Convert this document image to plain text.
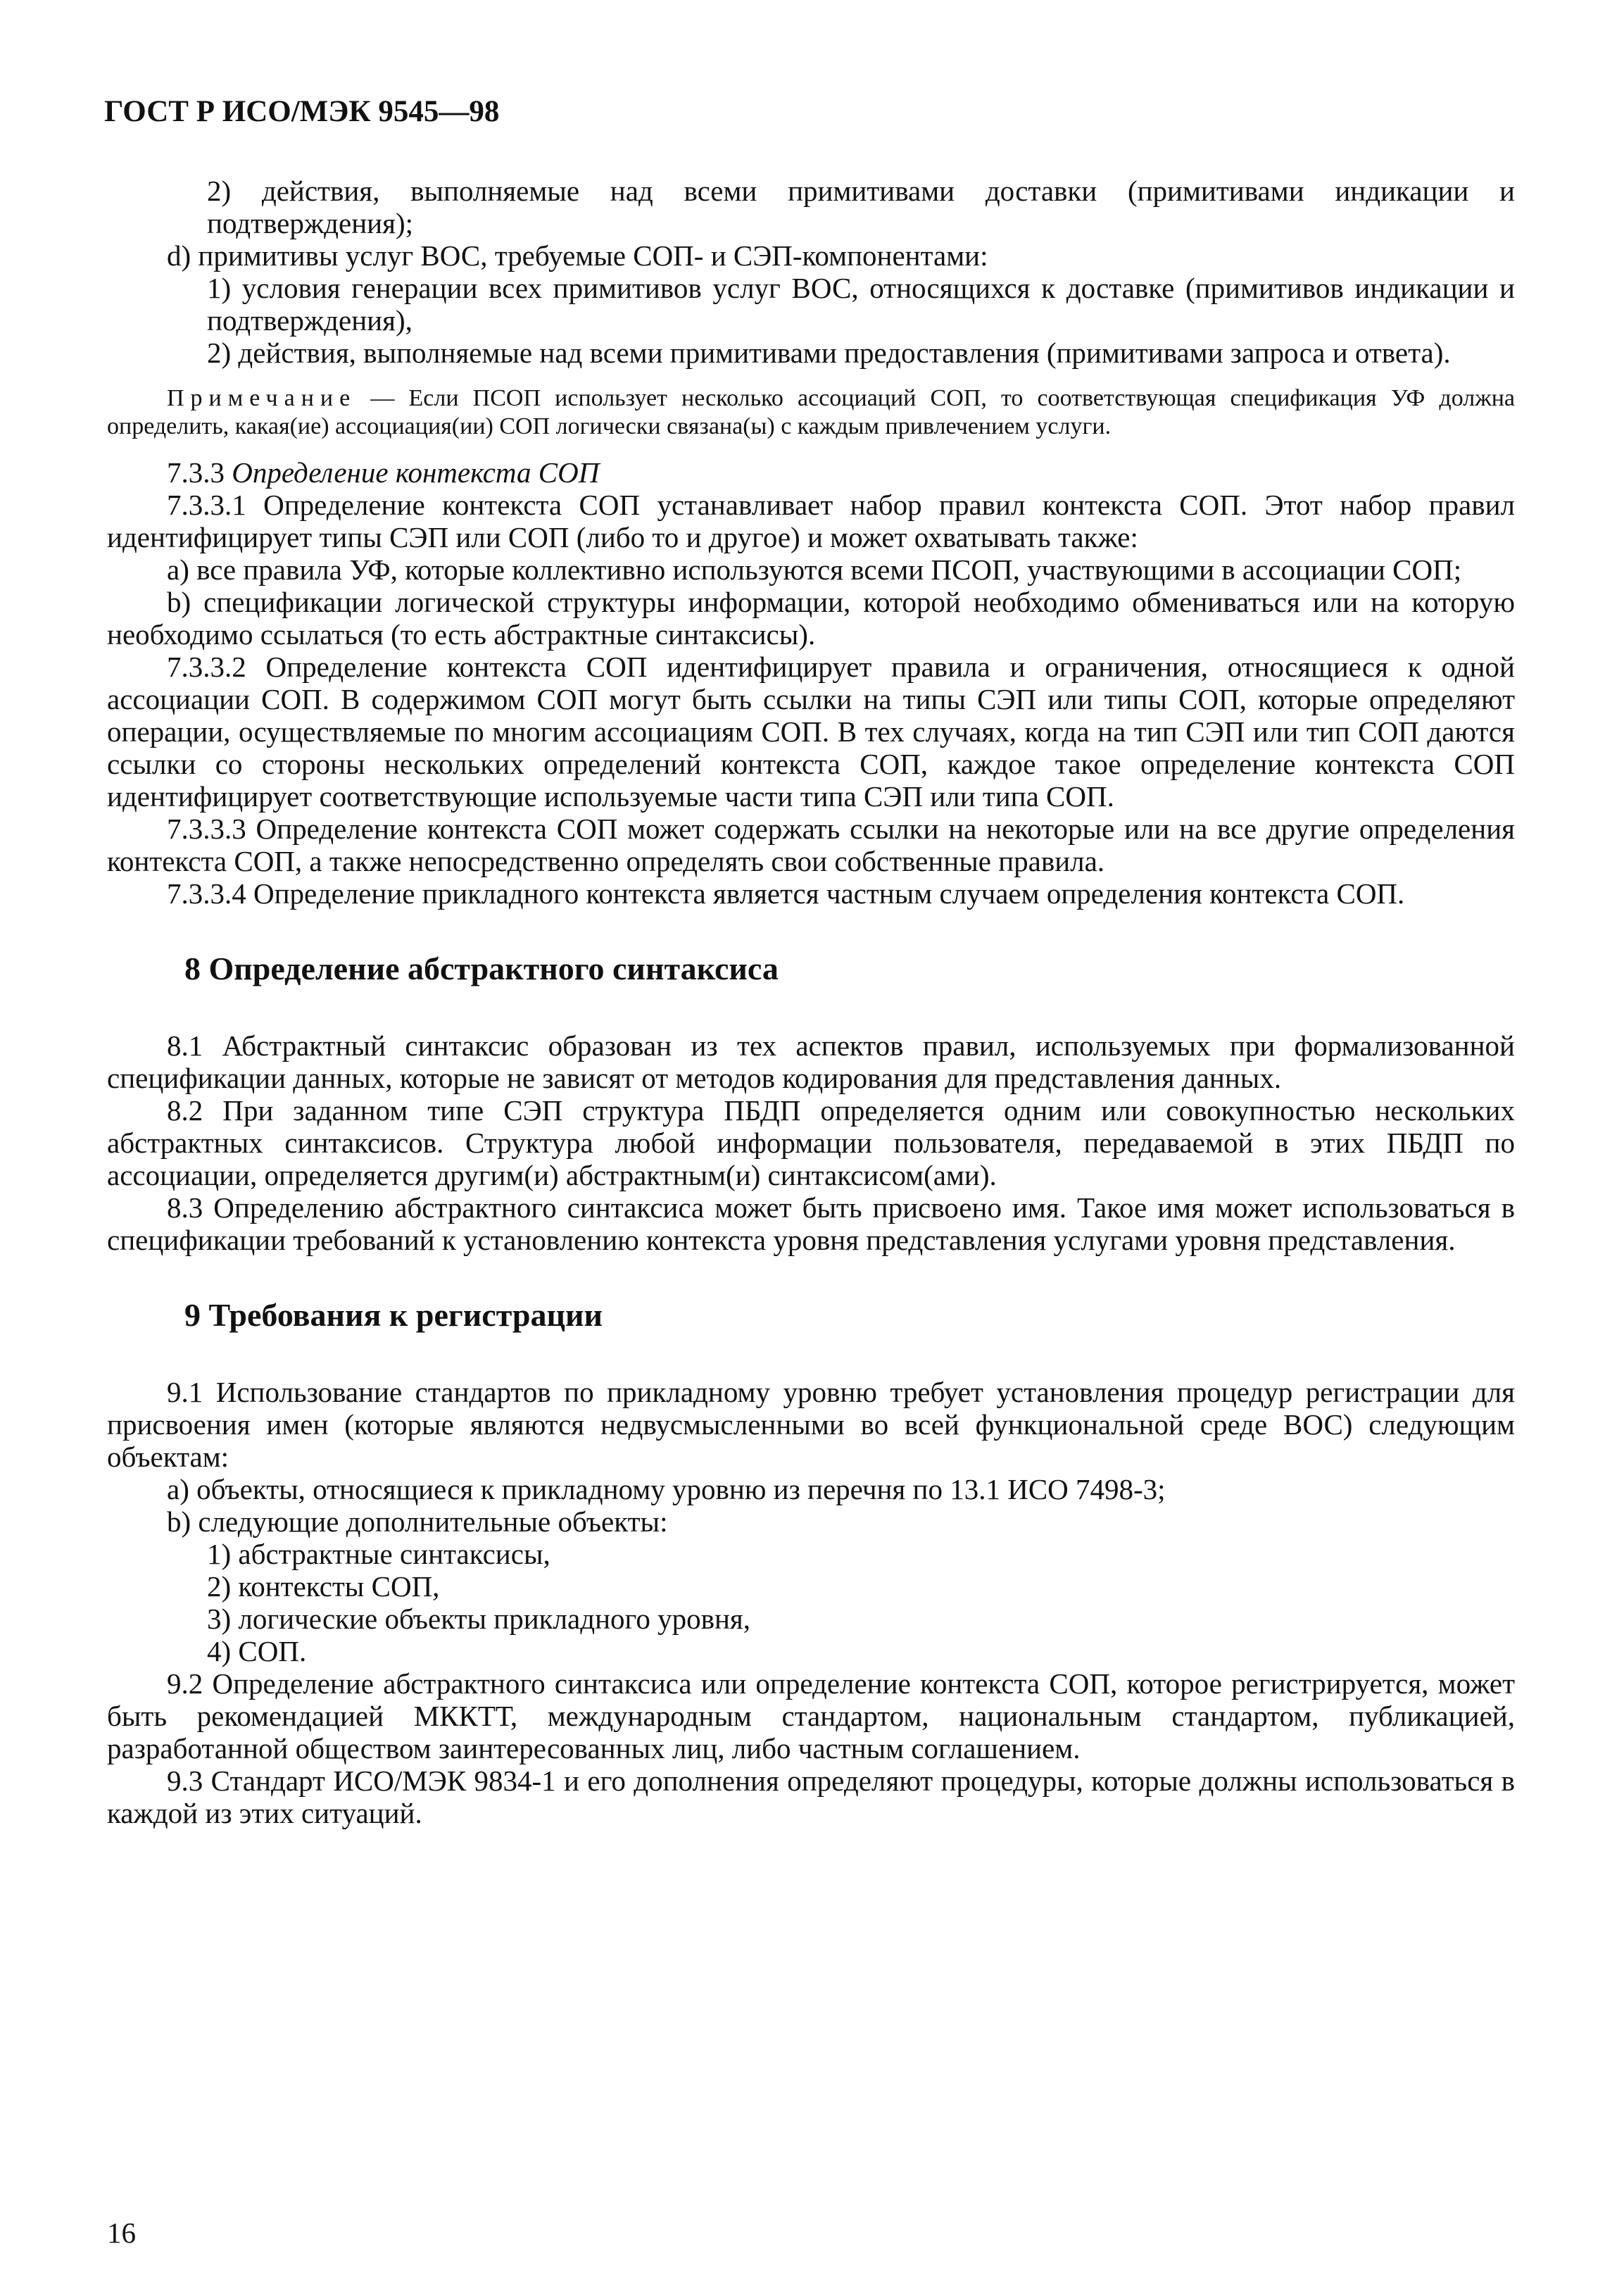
ГОСТ Р ИСО/МЭК 9545—98

2) действия, выполняемые над всеми примитивами доставки (примитивами индикации и подтверждения);

d) примитивы услуг ВОС, требуемые СОП- и СЭП-компонентами:

1) условия генерации всех примитивов услуг ВОС, относящихся к доставке (примитивов индикации и подтверждения),

2) действия, выполняемые над всеми примитивами предоставления (примитивами запроса и ответа).

Примечание — Если ПСОП использует несколько ассоциаций СОП, то соответствующая спецификация УФ должна определить, какая(ие) ассоциация(ии) СОП логически связана(ы) с каждым привлечением услуги.

7.3.3 Определение контекста СОП

7.3.3.1 Определение контекста СОП устанавливает набор правил контекста СОП. Этот набор правил идентифицирует типы СЭП или СОП (либо то и другое) и может охватывать также:

а) все правила УФ, которые коллективно используются всеми ПСОП, участвующими в ассоциации СОП;

b) спецификации логической структуры информации, которой необходимо обмениваться или на которую необходимо ссылаться (то есть абстрактные синтаксисы).

7.3.3.2 Определение контекста СОП идентифицирует правила и ограничения, относящиеся к одной ассоциации СОП. В содержимом СОП могут быть ссылки на типы СЭП или типы СОП, которые определяют операции, осуществляемые по многим ассоциациям СОП. В тех случаях, когда на тип СЭП или тип СОП даются ссылки со стороны нескольких определений контекста СОП, каждое такое определение контекста СОП идентифицирует соответствующие используемые части типа СЭП или типа СОП.

7.3.3.3 Определение контекста СОП может содержать ссылки на некоторые или на все другие определения контекста СОП, а также непосредственно определять свои собственные правила.

7.3.3.4 Определение прикладного контекста является частным случаем определения контекста СОП.

8 Определение абстрактного синтаксиса

8.1 Абстрактный синтаксис образован из тех аспектов правил, используемых при формализованной спецификации данных, которые не зависят от методов кодирования для представления данных.

8.2 При заданном типе СЭП структура ПБДП определяется одним или совокупностью нескольких абстрактных синтаксисов. Структура любой информации пользователя, передаваемой в этих ПБДП по ассоциации, определяется другим(и) абстрактным(и) синтаксисом(ами).

8.3 Определению абстрактного синтаксиса может быть присвоено имя. Такое имя может использоваться в спецификации требований к установлению контекста уровня представления услугами уровня представления.

9 Требования к регистрации

9.1 Использование стандартов по прикладному уровню требует установления процедур регистрации для присвоения имен (которые являются недвусмысленными во всей функциональной среде ВОС) следующим объектам:

а) объекты, относящиеся к прикладному уровню из перечня по 13.1 ИСО 7498-3;

b) следующие дополнительные объекты:

1) абстрактные синтаксисы,

2) контексты СОП,

3) логические объекты прикладного уровня,

4) СОП.

9.2 Определение абстрактного синтаксиса или определение контекста СОП, которое регистрируется, может быть рекомендацией МККТТ, международным стандартом, национальным стандартом, публикацией, разработанной обществом заинтересованных лиц, либо частным соглашением.

9.3 Стандарт ИСО/МЭК 9834-1 и его дополнения определяют процедуры, которые должны использоваться в каждой из этих ситуаций.

16
